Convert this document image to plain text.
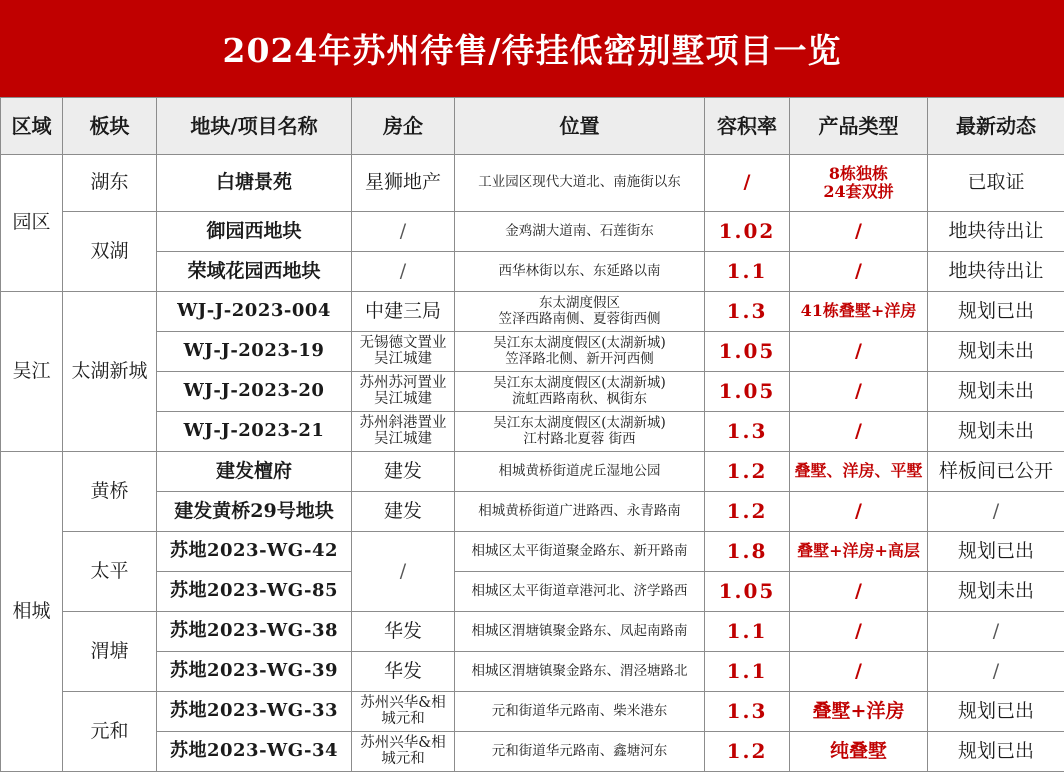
2024年苏州待售/待挂低密别墅项目一览
区域	板块	地块/项目名称	房企	位置	容积率	产品类型	最新动态
园区	湖东	白塘景苑	星狮地产	工业园区现代大道北、南施街以东	/	8栋独栋
24套双拼	已取证
	双湖	御园西地块	/	金鸡湖大道南、石莲街东	1.02	/	地块待出让
		荣域花园西地块	/	西华林街以东、东延路以南	1.1	/	地块待出让
吴江	太湖新城	WJ-J-2023-004	中建三局	东太湖度假区
笠泽西路南侧、夏蓉街西侧	1.3	41栋叠墅+洋房	规划已出
		WJ-J-2023-19	无锡德文置业
吴江城建	吴江东太湖度假区(太湖新城)
笠泽路北侧、新开河西侧	1.05	/	规划未出
		WJ-J-2023-20	苏州苏河置业
吴江城建	吴江东太湖度假区(太湖新城)
流虹西路南秋、枫街东	1.05	/	规划未出
		WJ-J-2023-21	苏州斜港置业
吴江城建	吴江东太湖度假区(太湖新城)
江村路北夏蓉 街西	1.3	/	规划未出
相城	黄桥	建发檀府	建发	相城黄桥街道虎丘湿地公园	1.2	叠墅、洋房、平墅	样板间已公开
		建发黄桥29号地块	建发	相城黄桥街道广进路西、永青路南	1.2	/	/
	太平	苏地2023-WG-42	/	相城区太平街道聚金路东、新开路南	1.8	叠墅+洋房+高层	规划已出
		苏地2023-WG-85		相城区太平街道章港河北、济学路西	1.05	/	规划未出
	渭塘	苏地2023-WG-38	华发	相城区渭塘镇聚金路东、凤起南路南	1.1	/	/
		苏地2023-WG-39	华发	相城区渭塘镇聚金路东、渭泾塘路北	1.1	/	/
	元和	苏地2023-WG-33	苏州兴华&相
城元和	元和街道华元路南、柴米港东	1.3	叠墅+洋房	规划已出
		苏地2023-WG-34	苏州兴华&相
城元和	元和街道华元路南、鑫塘河东	1.2	纯叠墅	规划已出
